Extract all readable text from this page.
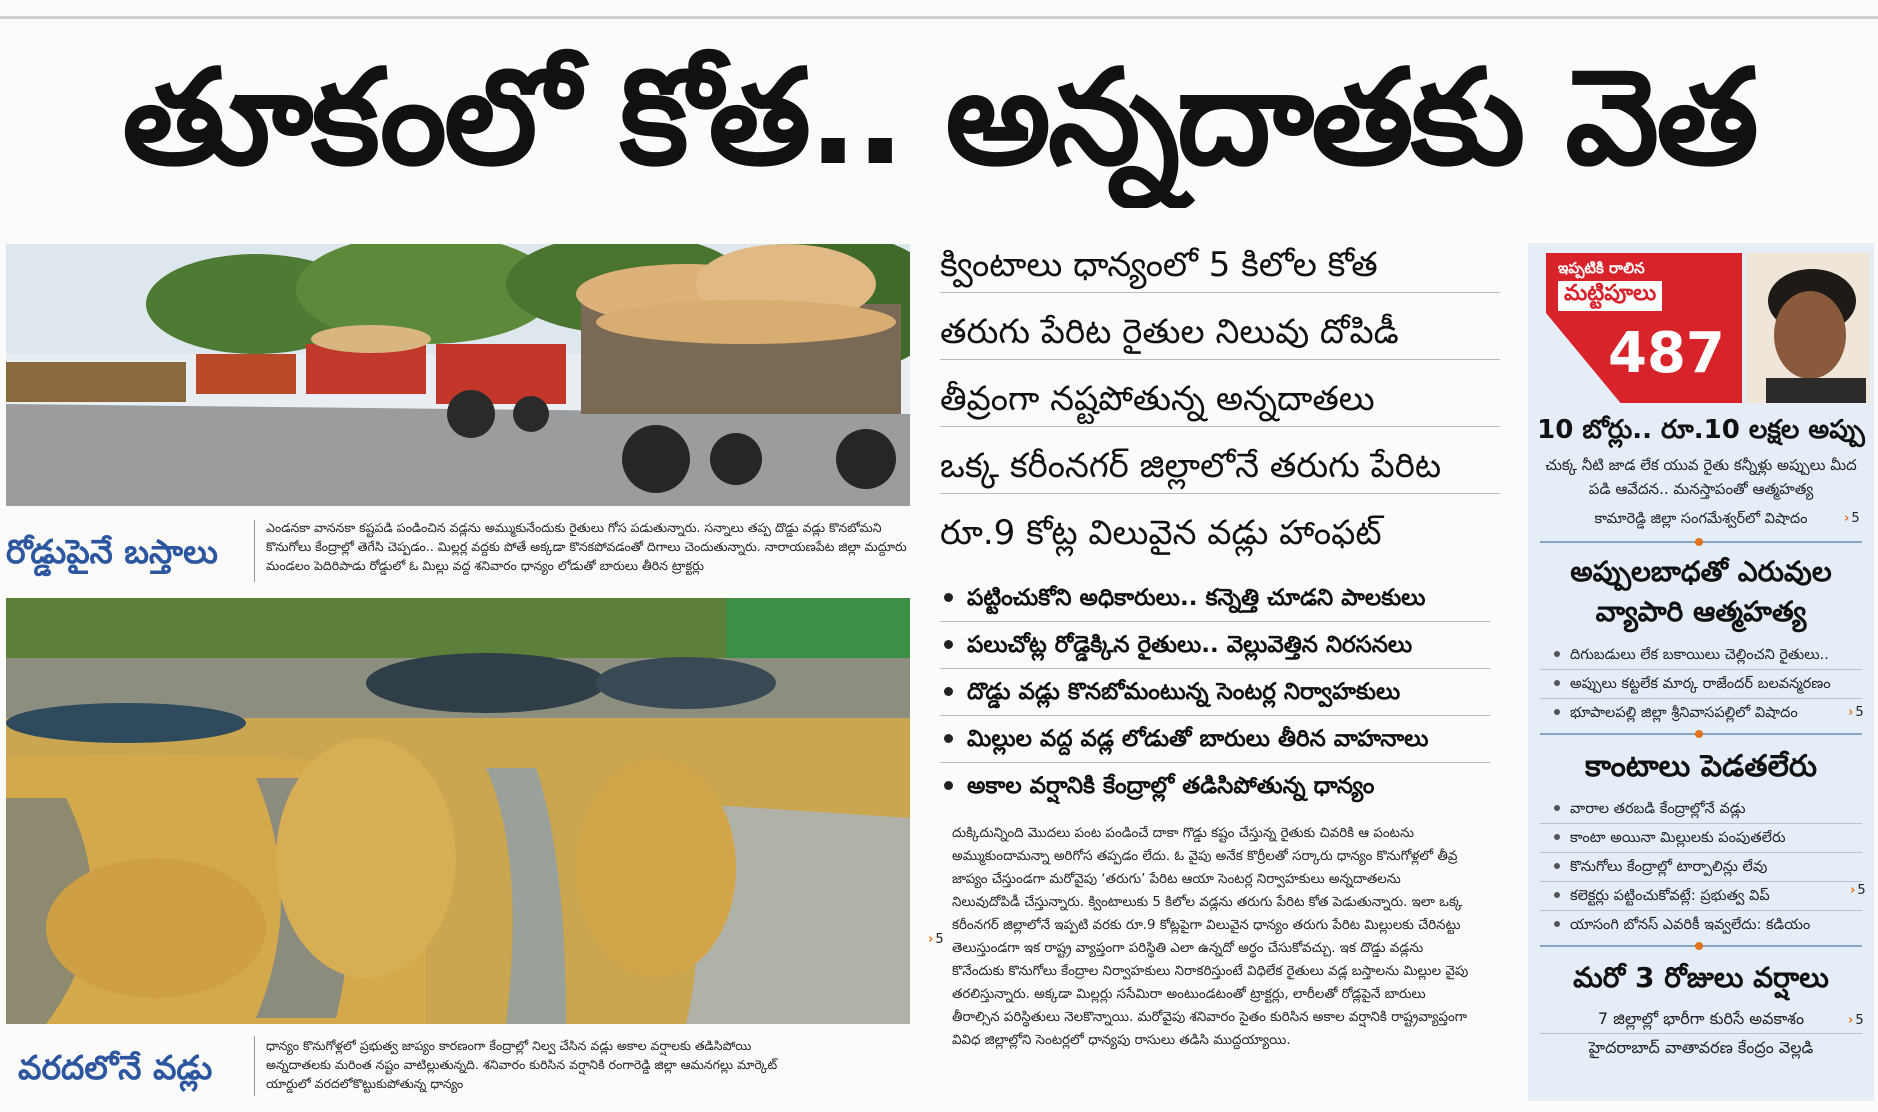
తూకంలో కోత.. అన్నదాతకు వెత
రోడ్డుపైనే బస్తాలు
ఎండనకా వాననకా కష్టపడి పండించిన వడ్లను అమ్ముకునేందుకు రైతులు గోస పడుతున్నారు. సన్నాలు తప్ప దొడ్డు వడ్లు కొనబోమని కొనుగోలు కేంద్రాల్లో తెగేసి చెప్పడం.. మిల్లర్ల వద్దకు పోతే అక్కడా కొనకపోవడంతో దిగాలు చెందుతున్నారు. నారాయణపేట జిల్లా మద్దూరు మండలం పెదిరిపాడు రోడ్డులో ఓ మిల్లు వద్ద శనివారం ధాన్యం లోడుతో బారులు తీరిన ట్రాక్టర్లు
వరదలోనే వడ్లు
ధాన్యం కొనుగోళ్లలో ప్రభుత్వ జాప్యం కారణంగా కేంద్రాల్లో నిల్వ చేసిన వడ్లు అకాల వర్షాలకు తడిసిపోయి అన్నదాతలకు మరింత నష్టం వాటిల్లుతున్నది. శనివారం కురిసిన వర్షానికి రంగారెడ్డి జిల్లా ఆమనగల్లు మార్కెట్ యార్డులో వరదలోకొట్టుకుపోతున్న ధాన్యం
క్వింటాలు ధాన్యంలో 5 కిలోల కోత
తరుగు పేరిట రైతుల నిలువు దోపిడీ
తీవ్రంగా నష్టపోతున్న అన్నదాతలు
ఒక్క కరీంనగర్ జిల్లాలోనే తరుగు పేరిట
రూ.9 కోట్ల విలువైన వడ్లు హాంఫట్
పట్టించుకోని అధికారులు.. కన్నెత్తి చూడని పాలకులు
పలుచోట్ల రోడ్డెక్కిన రైతులు.. వెల్లువెత్తిన నిరసనలు
దొడ్డు వడ్లు కొనబోమంటున్న సెంటర్ల నిర్వాహకులు
మిల్లుల వద్ద వడ్ల లోడుతో బారులు తీరిన వాహనాలు
అకాల వర్షానికి కేంద్రాల్లో తడిసిపోతున్న ధాన్యం
› 5
దుక్కిదున్నింది మొదలు పంట పండించే దాకా గొడ్డు కష్టం చేస్తున్న రైతుకు చివరికి ఆ పంటను అమ్ముకుందామన్నా అరిగోస తప్పడం లేదు. ఓ వైపు అనేక కొర్రీలతో సర్కారు ధాన్యం కొనుగోళ్లలో తీవ్ర జాప్యం చేస్తుండగా మరోవైపు ‘తరుగు’ పేరిట ఆయా సెంటర్ల నిర్వాహకులు అన్నదాతలను నిలువుదోపిడీ చేస్తున్నారు. క్వింటాలుకు 5 కిలోల వడ్లను తరుగు పేరిట కోత పెడుతున్నారు. ఇలా ఒక్క కరీంనగర్ జిల్లాలోనే ఇప్పటి వరకు రూ.9 కోట్లపైగా విలువైన ధాన్యం తరుగు పేరిట మిల్లులకు చేరినట్టు తెలుస్తుండగా ఇక రాష్ట్ర వ్యాప్తంగా పరిస్థితి ఎలా ఉన్నదో అర్థం చేసుకోవచ్చు. ఇక దొడ్డు వడ్లను కొనేందుకు కొనుగోలు కేంద్రాల నిర్వాహకులు నిరాకరిస్తుంటే విధిలేక రైతులు వడ్ల బస్తాలను మిల్లుల వైపు తరలిస్తున్నారు. అక్కడా మిల్లర్లు ససేమిరా అంటుండటంతో ట్రాక్టర్లు, లారీలతో రోడ్లపైనే బారులు తీరాల్సిన పరిస్థితులు నెలకొన్నాయి. మరోవైపు శనివారం సైతం కురిసిన అకాల వర్షానికి రాష్ట్రవ్యాప్తంగా వివిధ జిల్లాల్లోని సెంటర్లలో ధాన్యపు రాసులు తడిసి ముద్దయ్యాయి.
ఇప్పటికి రాలిన
మట్టిపూలు
487
10 బోర్లు.. రూ.10 లక్షల అప్పు
చుక్క నీటి జాడ లేక యువ రైతు కన్నీళ్లు అప్పులు మీద పడి ఆవేదన.. మనస్తాపంతో ఆత్మహత్య
కామారెడ్డి జిల్లా సంగమేశ్వర్‌లో విషాదం	› 5
అప్పులబాధతో ఎరువుల
వ్యాపారి ఆత్మహత్య
దిగుబడులు లేక బకాయిలు చెల్లించని రైతులు..
అప్పులు కట్టలేక మార్క రాజేందర్ బలవన్మరణం
భూపాలపల్లి జిల్లా శ్రీనివాసపల్లిలో విషాదం	› 5
కాంటాలు పెడతలేరు
వారాల తరబడి కేంద్రాల్లోనే వడ్లు
కాంటా అయినా మిల్లులకు పంపుతలేరు
కొనుగోలు కేంద్రాల్లో టార్పాలిన్లు లేవు
కలెక్టర్లు పట్టించుకోవట్లే: ప్రభుత్వ విప్
యాసంగి బోనస్ ఎవరికీ ఇవ్వలేదు: కడియం
› 5
మరో 3 రోజులు వర్షాలు
7 జిల్లాల్లో భారీగా కురిసే అవకాశం
హైదరాబాద్ వాతావరణ కేంద్రం వెల్లడి
› 5
